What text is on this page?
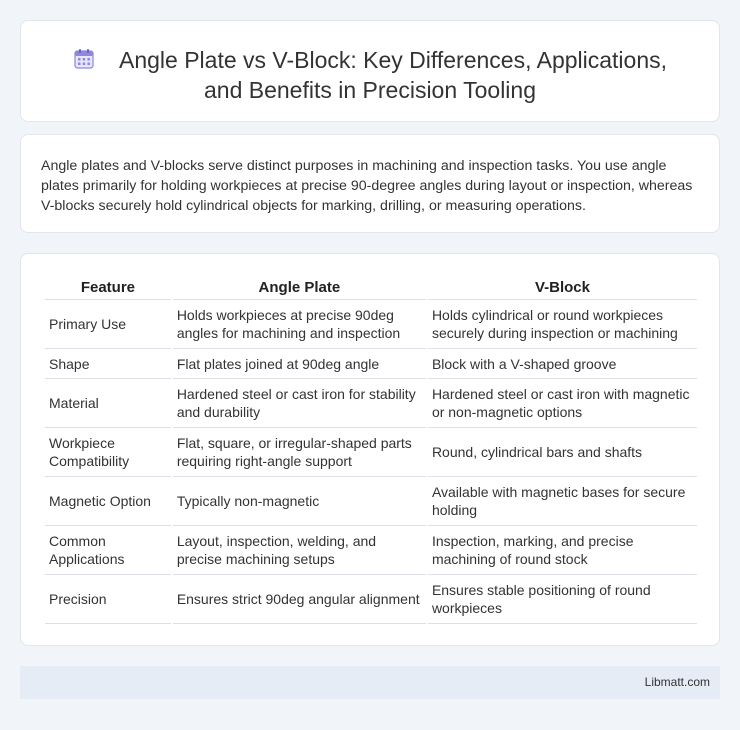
Angle Plate vs V-Block: Key Differences, Applications,
and Benefits in Precision Tooling

Angle plates and V-blocks serve distinct purposes in machining and inspection tasks. You use angle plates primarily for holding workpieces at precise 90-degree angles during layout or inspection, whereas V-blocks securely hold cylindrical objects for marking, drilling, or measuring operations.

Feature	Angle Plate	V-Block
Primary Use	Holds workpieces at precise 90deg angles for machining and inspection	Holds cylindrical or round workpieces securely during inspection or machining
Shape	Flat plates joined at 90deg angle	Block with a V-shaped groove
Material	Hardened steel or cast iron for stability and durability	Hardened steel or cast iron with magnetic or non-magnetic options
Workpiece Compatibility	Flat, square, or irregular-shaped parts requiring right-angle support	Round, cylindrical bars and shafts
Magnetic Option	Typically non-magnetic	Available with magnetic bases for secure holding
Common Applications	Layout, inspection, welding, and precise machining setups	Inspection, marking, and precise machining of round stock
Precision	Ensures strict 90deg angular alignment	Ensures stable positioning of round workpieces
Libmatt.com
